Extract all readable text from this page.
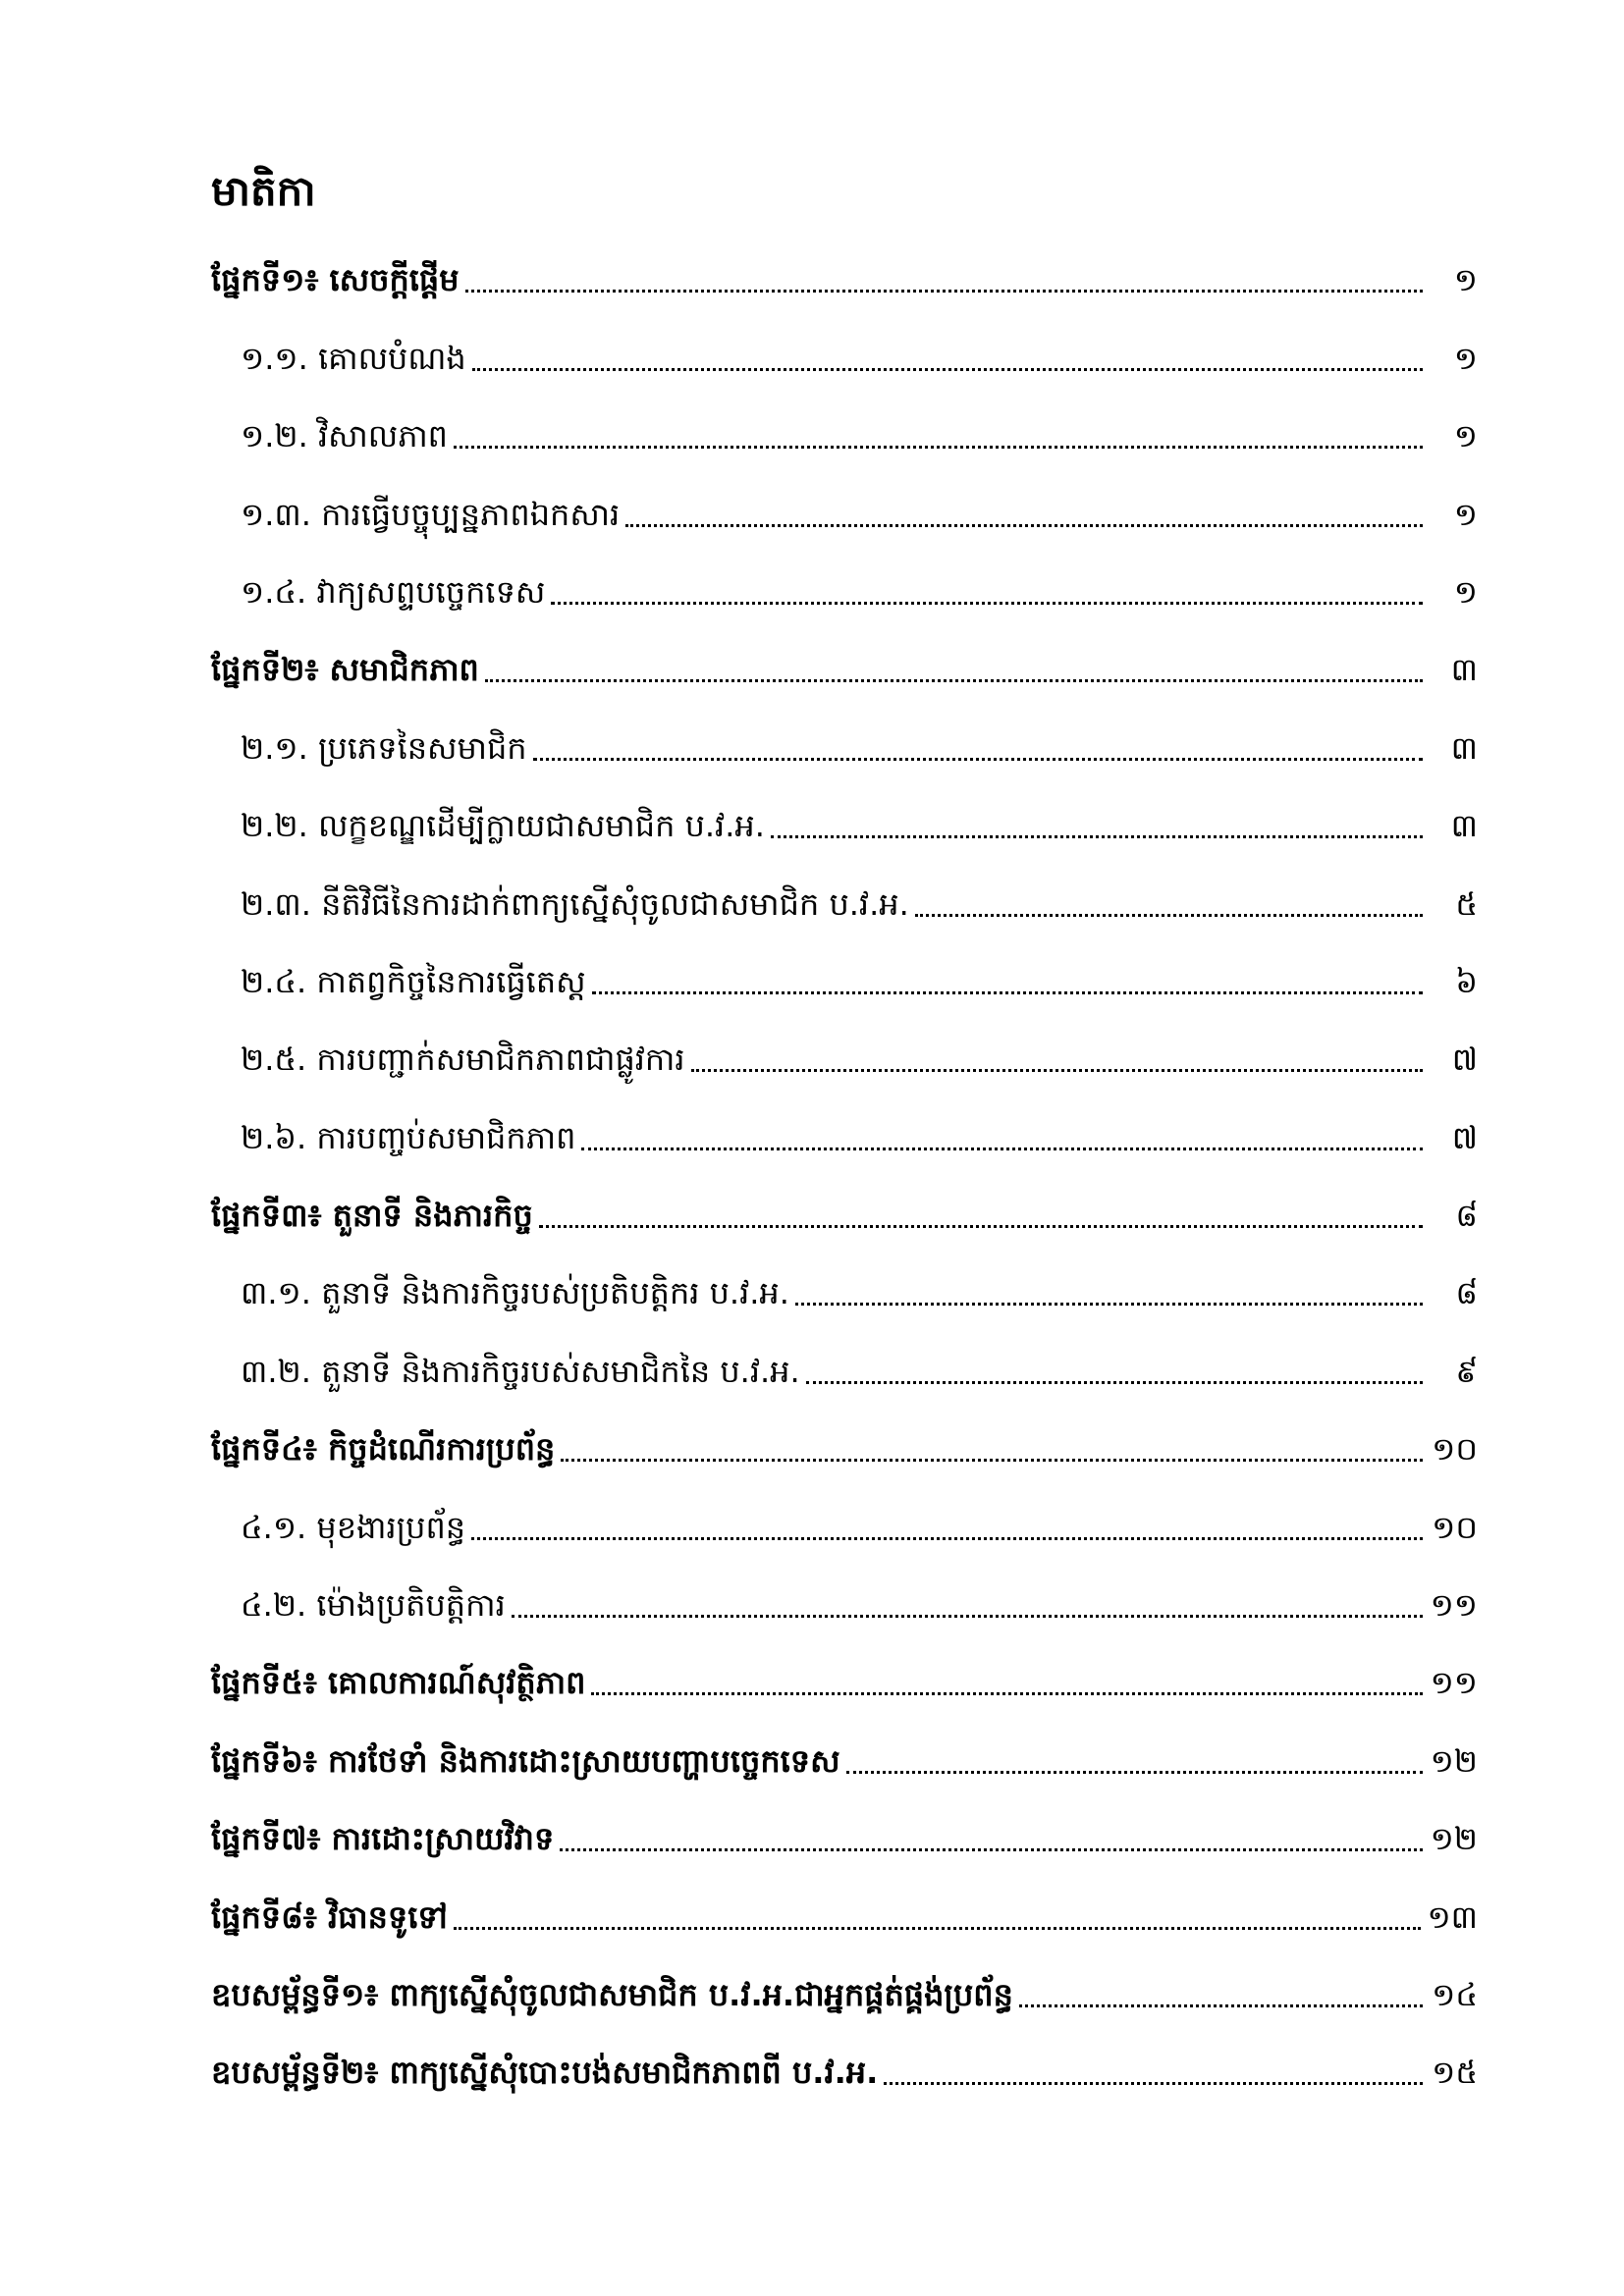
មាតិកា
ផ្នែកទី១៖ សេចក្ដីផ្ដើម	១
១.១. គោលបំណង	១
១.២. វិសាលភាព	១
១.៣. ការធ្វើបច្ចុប្បន្នភាពឯកសារ	១
១.៤. វាក្យសព្ទបច្ចេកទេស	១
ផ្នែកទី២៖ សមាជិកភាព	៣
២.១. ប្រភេទនៃសមាជិក	៣
២.២. លក្ខខណ្ឌដើម្បីក្លាយជាសមាជិក ប.វ.អ.	៣
២.៣. នីតិវិធីនៃការដាក់ពាក្យស្នើសុំចូលជាសមាជិក ប.វ.អ.	៥
២.៤. កាតព្វកិច្ចនៃការធ្វើតេស្ត	៦
២.៥. ការបញ្ជាក់សមាជិកភាពជាផ្លូវការ	៧
២.៦. ការបញ្ចប់សមាជិកភាព	៧
ផ្នែកទី៣៖ តួនាទី និងភារកិច្ច	៨
៣.១. តួនាទី និងការកិច្ចរបស់ប្រតិបត្តិករ ប.វ.អ.	៨
៣.២. តួនាទី និងការកិច្ចរបស់សមាជិកនៃ ប.វ.អ.	៩
ផ្នែកទី៤៖ កិច្ចដំណើរការប្រព័ន្ធ	១០
៤.១. មុខងារប្រព័ន្ធ	១០
៤.២. ម៉ោងប្រតិបត្តិការ	១១
ផ្នែកទី៥៖ គោលការណ៍សុវត្ថិភាព	១១
ផ្នែកទី៦៖ ការថែទាំ និងការដោះស្រាយបញ្ហាបច្ចេកទេស	១២
ផ្នែកទី៧៖ ការដោះស្រាយវិវាទ	១២
ផ្នែកទី៨៖ វិធានទូទៅ	១៣
ឧបសម្ព័ន្ធទី១៖ ពាក្យស្នើសុំចូលជាសមាជិក ប.វ.អ.ជាអ្នកផ្គត់ផ្គង់ប្រព័ន្ធ	១៤
ឧបសម្ព័ន្ធទី២៖ ពាក្យស្នើសុំបោះបង់សមាជិកភាពពី ប.វ.អ.	១៥
